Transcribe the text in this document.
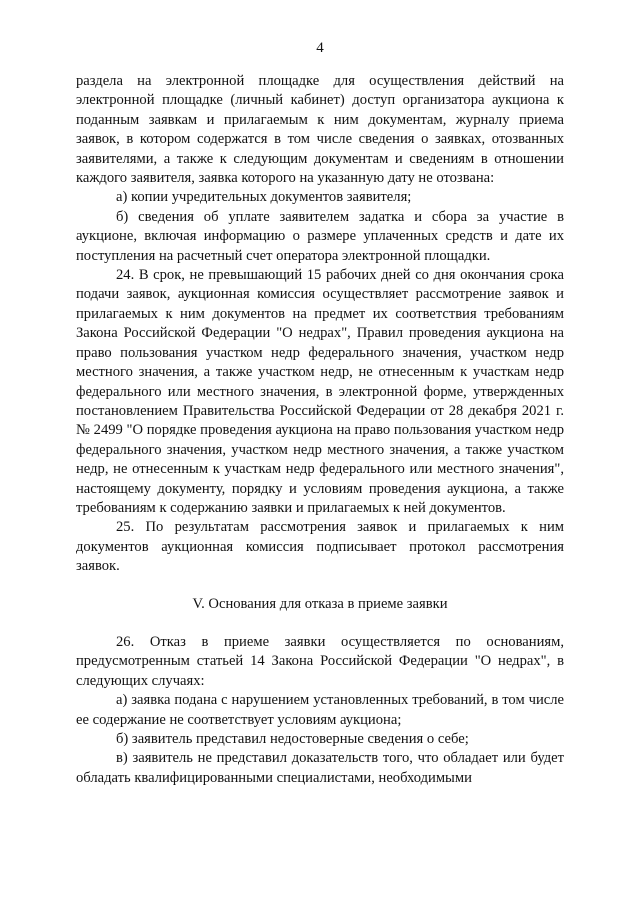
4

раздела на электронной площадке для осуществления действий на электронной площадке (личный кабинет) доступ организатора аукциона к поданным заявкам и прилагаемым к ним документам, журналу приема заявок, в котором содержатся в том числе сведения о заявках, отозванных заявителями, а также к следующим документам и сведениям в отношении каждого заявителя, заявка которого на указанную дату не отозвана:

а) копии учредительных документов заявителя;

б) сведения об уплате заявителем задатка и сбора за участие в аукционе, включая информацию о размере уплаченных средств и дате их поступления на расчетный счет оператора электронной площадки.

24. В срок, не превышающий 15 рабочих дней со дня окончания срока подачи заявок, аукционная комиссия осуществляет рассмотрение заявок и прилагаемых к ним документов на предмет их соответствия требованиям Закона Российской Федерации "О недрах", Правил проведения аукциона на право пользования участком недр федерального значения, участком недр местного значения, а также участком недр, не отнесенным к участкам недр федерального или местного значения, в электронной форме, утвержденных постановлением Правительства Российской Федерации от 28 декабря 2021 г. № 2499 "О порядке проведения аукциона на право пользования участком недр федерального значения, участком недр местного значения, а также участком недр, не отнесенным к участкам недр федерального или местного значения", настоящему документу, порядку и условиям проведения аукциона, а также требованиям к содержанию заявки и прилагаемых к ней документов.

25. По результатам рассмотрения заявок и прилагаемых к ним документов аукционная комиссия подписывает протокол рассмотрения заявок.

V. Основания для отказа в приеме заявки

26. Отказ в приеме заявки осуществляется по основаниям, предусмотренным статьей 14 Закона Российской Федерации "О недрах", в следующих случаях:

а) заявка подана с нарушением установленных требований, в том числе ее содержание не соответствует условиям аукциона;

б) заявитель представил недостоверные сведения о себе;

в) заявитель не представил доказательств того, что обладает или будет обладать квалифицированными специалистами, необходимыми
